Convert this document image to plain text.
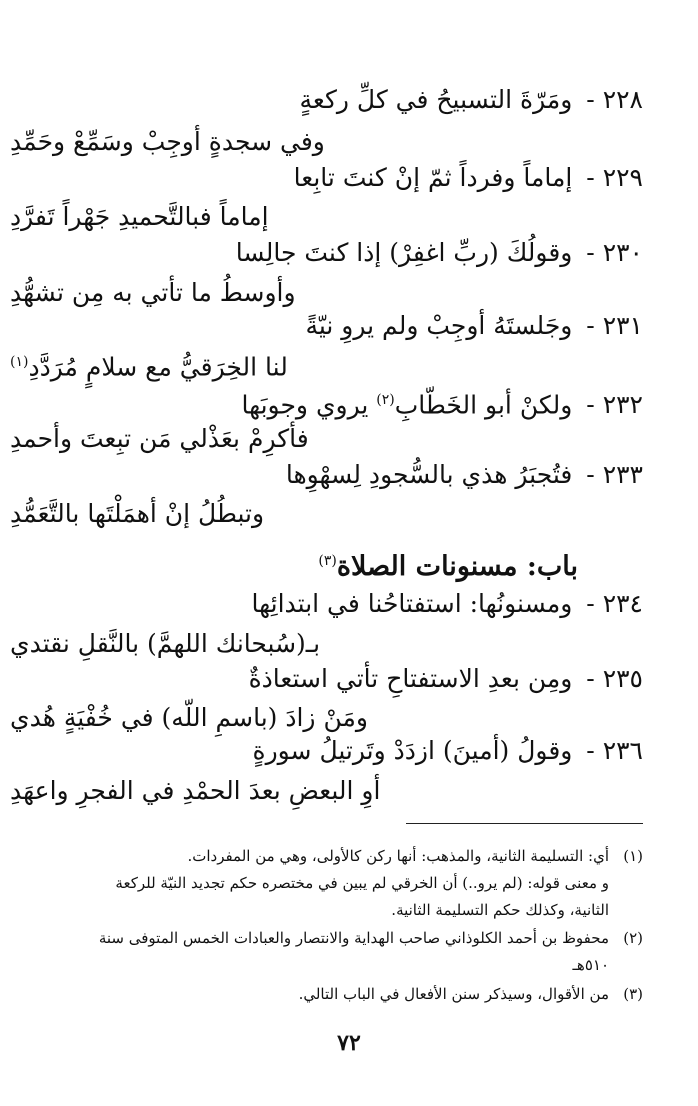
٢٢٨ - ومَرّةَ التسبيحُ في كلِّ ركعةٍ
وفي سجدةٍ أوجِبْ وسَمِّعْ وحَمِّدِ
٢٢٩ - إماماً وفرداً ثمّ إنْ كنتَ تابِعا
إماماً فبالتَّحميدِ جَهْراً تَفرَّدِ
٢٣٠ - وقولُكَ (ربِّ اغفِرْ) إذا كنتَ جالِسا
وأوسطُ ما تأتي به مِن تشهُّدِ
٢٣١ - وجَلستَهُ أوجِبْ ولم يروِ نيّةً
لنا الخِرَقيُّ مع سلامٍ مُرَدَّدِ$^{(١)}$
٢٣٢ - ولكنْ أبو الخَطّابِ$^{(٢)}$ يروي وجوبَها
فأكرِمْ بعَذْلي مَن تبِعتَ وأحمدِ
٢٣٣ - فتُجبَرُ هذي بالسُّجودِ لِسهْوِها
وتبطُلُ إنْ أهمَلْتَها بالتَّعَمُّدِ
باب: مسنونات الصلاة$^{(٣)}$
٢٣٤ - ومسنونُها: استفتاحُنا في ابتدائِها
بـ(سُبحانك اللهمَّ) بالنَّقلِ نقتدي
٢٣٥ - ومِن بعدِ الاستفتاحِ تأتي استعاذةٌ
ومَنْ زادَ (باسمِ اللّه) في خُفْيَةٍ هُدي
٢٣٦ - وقولُ (أمينَ) ازدَدْ وتَرتيلُ سورةٍ
أوِ البعضِ بعدَ الحمْدِ في الفجرِ واعهَدِ
(١)أي: التسليمة الثانية، والمذهب: أنها ركن كالأولى، وهي من المفردات.
و معنى قوله: (لم يرو..) أن الخرقي لم يبين في مختصره حكم تجديد النيّة للركعة
الثانية، وكذلك حكم التسليمة الثانية.
(٢)محفوظ بن أحمد الكلوذاني صاحب الهداية والانتصار والعبادات الخمس المتوفى سنة
٥١٠هـ
(٣)من الأقوال، وسيذكر سنن الأفعال في الباب التالي.
٧٢
